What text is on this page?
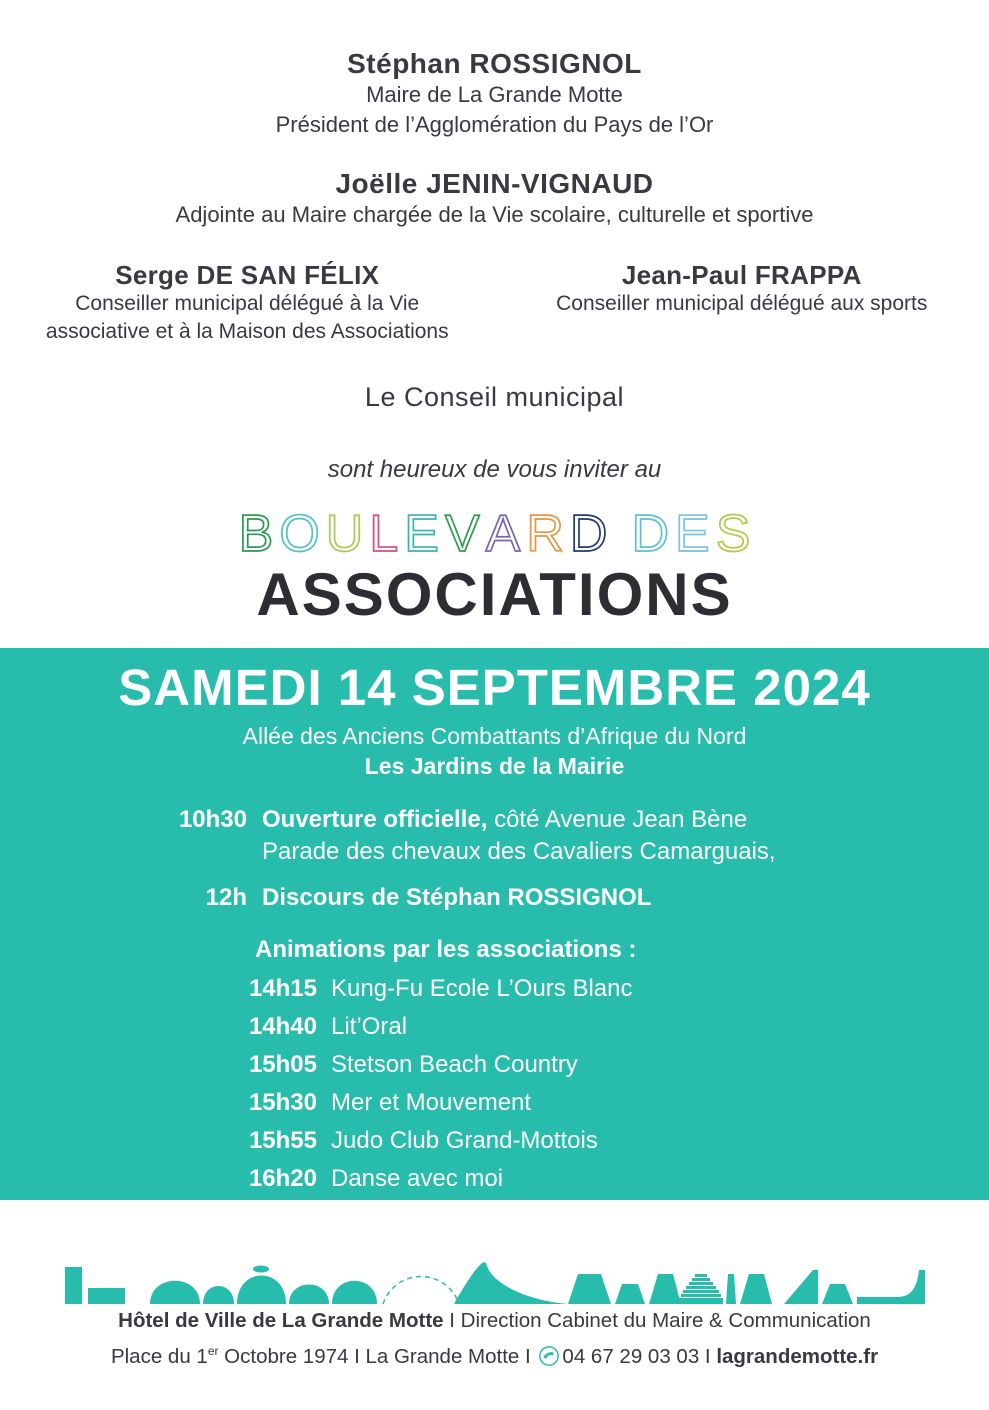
Stéphan ROSSIGNOL
Maire de La Grande Motte
Président de l’Agglomération du Pays de l’Or
Joëlle JENIN-VIGNAUD
Adjointe au Maire chargée de la Vie scolaire, culturelle et sportive
Serge DE SAN FÉLIX
Conseiller municipal délégué à la Vie
associative et à la Maison des Associations
Jean-Paul FRAPPA
Conseiller municipal délégué aux sports
Le Conseil municipal
sont heureux de vous inviter au
B O U L E V A R D D E S
ASSOCIATIONS
SAMEDI 14 SEPTEMBRE 2024
Allée des Anciens Combattants d’Afrique du Nord
Les Jardins de la Mairie
10h30 Ouverture officielle, côté Avenue Jean Bène
Parade des chevaux des Cavaliers Camarguais,
12h Discours de Stéphan ROSSIGNOL
Animations par les associations :
14h15 Kung-Fu Ecole L’Ours Blanc
14h40 Lit’Oral
15h05 Stetson Beach Country
15h30 Mer et Mouvement
15h55 Judo Club Grand-Mottois
16h20 Danse avec moi
Hôtel de Ville de La Grande Motte I Direction Cabinet du Maire & Communication
Place du 1er Octobre 1974 I La Grande Motte I 04 67 29 03 03 I lagrandemotte.fr
